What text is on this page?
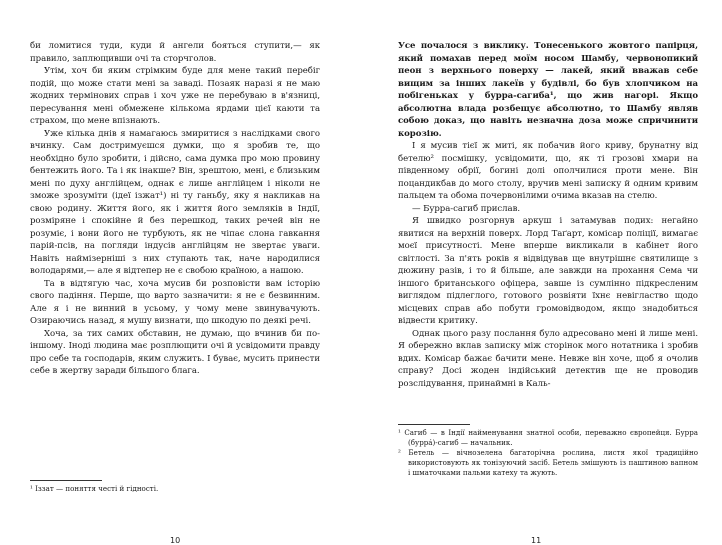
би ломитися туди, куди й ангели бояться ступити,— як правило, заплющивши очі та сторчголов.

Утім, хоч би яким стрімким буде для мене такий перебіг подій, що може стати мені за заваді. Позаяк наразі я не маю жодних термінових справ і хоч уже не перебуваю в в'язниці, пересування мені обмежене кількома ярдами цієї каюти та страхом, що мене впізнають.

Уже кілька днів я намагаюсь змиритися з наслідками свого вчинку. Сам достримуєшся думки, що я зробив те, що необхідно було зробити, і дійсно, сама думка про мою провину бентежить його. Та і як інакше? Він, зрештою, мені, є близьким мені по духу англійцем, однак є лише англійцем і ніколи не зможе зрозуміти (ідеї ізжат¹) ні ту ганьбу, яку я накликав на свою родину. Життя його, як і життя його земляків в Індії, розміряне і спокійне й без перешкод, таких речей він не розуміє, і вони його не турбують, як не чіпає слона гавкання парій-псів, на погляди індусів англійцям не звертає уваги. Навіть наймізерніші з них ступають так, наче народилися володарями,— але я відтепер не є свобою країною, а нашою.

Та в відтягую час, хоча мусив би розповісти вам історію свого падіння. Перше, що варто зазначити: я не є безвинним. Але я і не винний в усьому, у чому мене звинувачують. Озираючись назад, я мушу визнати, що шкодую по деякі речі.

Хоча, за тих самих обставин, не думаю, що вчинив би по-іншому. Іноді людина має розплющити очі й усвідомити правду про себе та господарів, яким служить. І буває, мусить принести себе в жертву заради більшого блага.

¹ Іззат — поняття честі й гідності.

10

Усе почалося з виклику. Тонесенького жовтого папірця, який помахав перед моїм носом Шамбу, червонопикий пеон з верхнього поверху — лакей, який вважав себе вищим за інших лакеїв у будівлі, бо був хлопчиком на побігеньках у бурра-сагиба¹, що жив нагорі. Якщо абсолютна влада розбещує абсолютно, то Шамбу являв собою доказ, що навіть незначна доза може спричинити корозію.

І я мусив тієї ж миті, як побачив його криву, брунатну від бетелю² посмішку, усвідомити, що, як ті грозові хмари на південному обрії, богині долі ополчилися проти мене. Він поцандикбав до мого столу, вручив мені записку й одним кривим пальцем та обома почервонілими очима вказав на стелю.

— Бурра-сагиб прислав.

Я швидко розгорнув аркуш і затамував подих: негайно явитися на верхній поверх. Лорд Таґарт, комісар поліції, вимагає моєї присутності. Мене вперше викликали в кабінет його світлості. За п'ять років я відвідував ще внутрішнє святилище з дюжину разів, і то й більше, але завжди на прохання Сема чи іншого британського офіцера, завше із сумлінно підкресленим виглядом підлеглого, готового розвіяти їхнє невігластво щодо місцевих справ або побути громовідводом, якщо знадобиться відвести критику.

Однак цього разу послання було адресовано мені й лише мені. Я обережно вклав записку між сторінок мого нотатника і зробив вдих. Комісар бажає бачити мене. Невже він хоче, щоб я очолив справу? Досі жоден індійський детектив ще не проводив розслідування, принаймні в Каль-

¹ Сагиб — в Індії найменування знатної особи, переважно європейця. Бурра (буррá)-сагиб — начальник.

² Бетель — вічнозелена багаторічна рослина, листя якої традиційно використовують як тонізуючий засіб. Бетель змішують із паштиною вапном і шматочками пальми катеху та жують.

11
